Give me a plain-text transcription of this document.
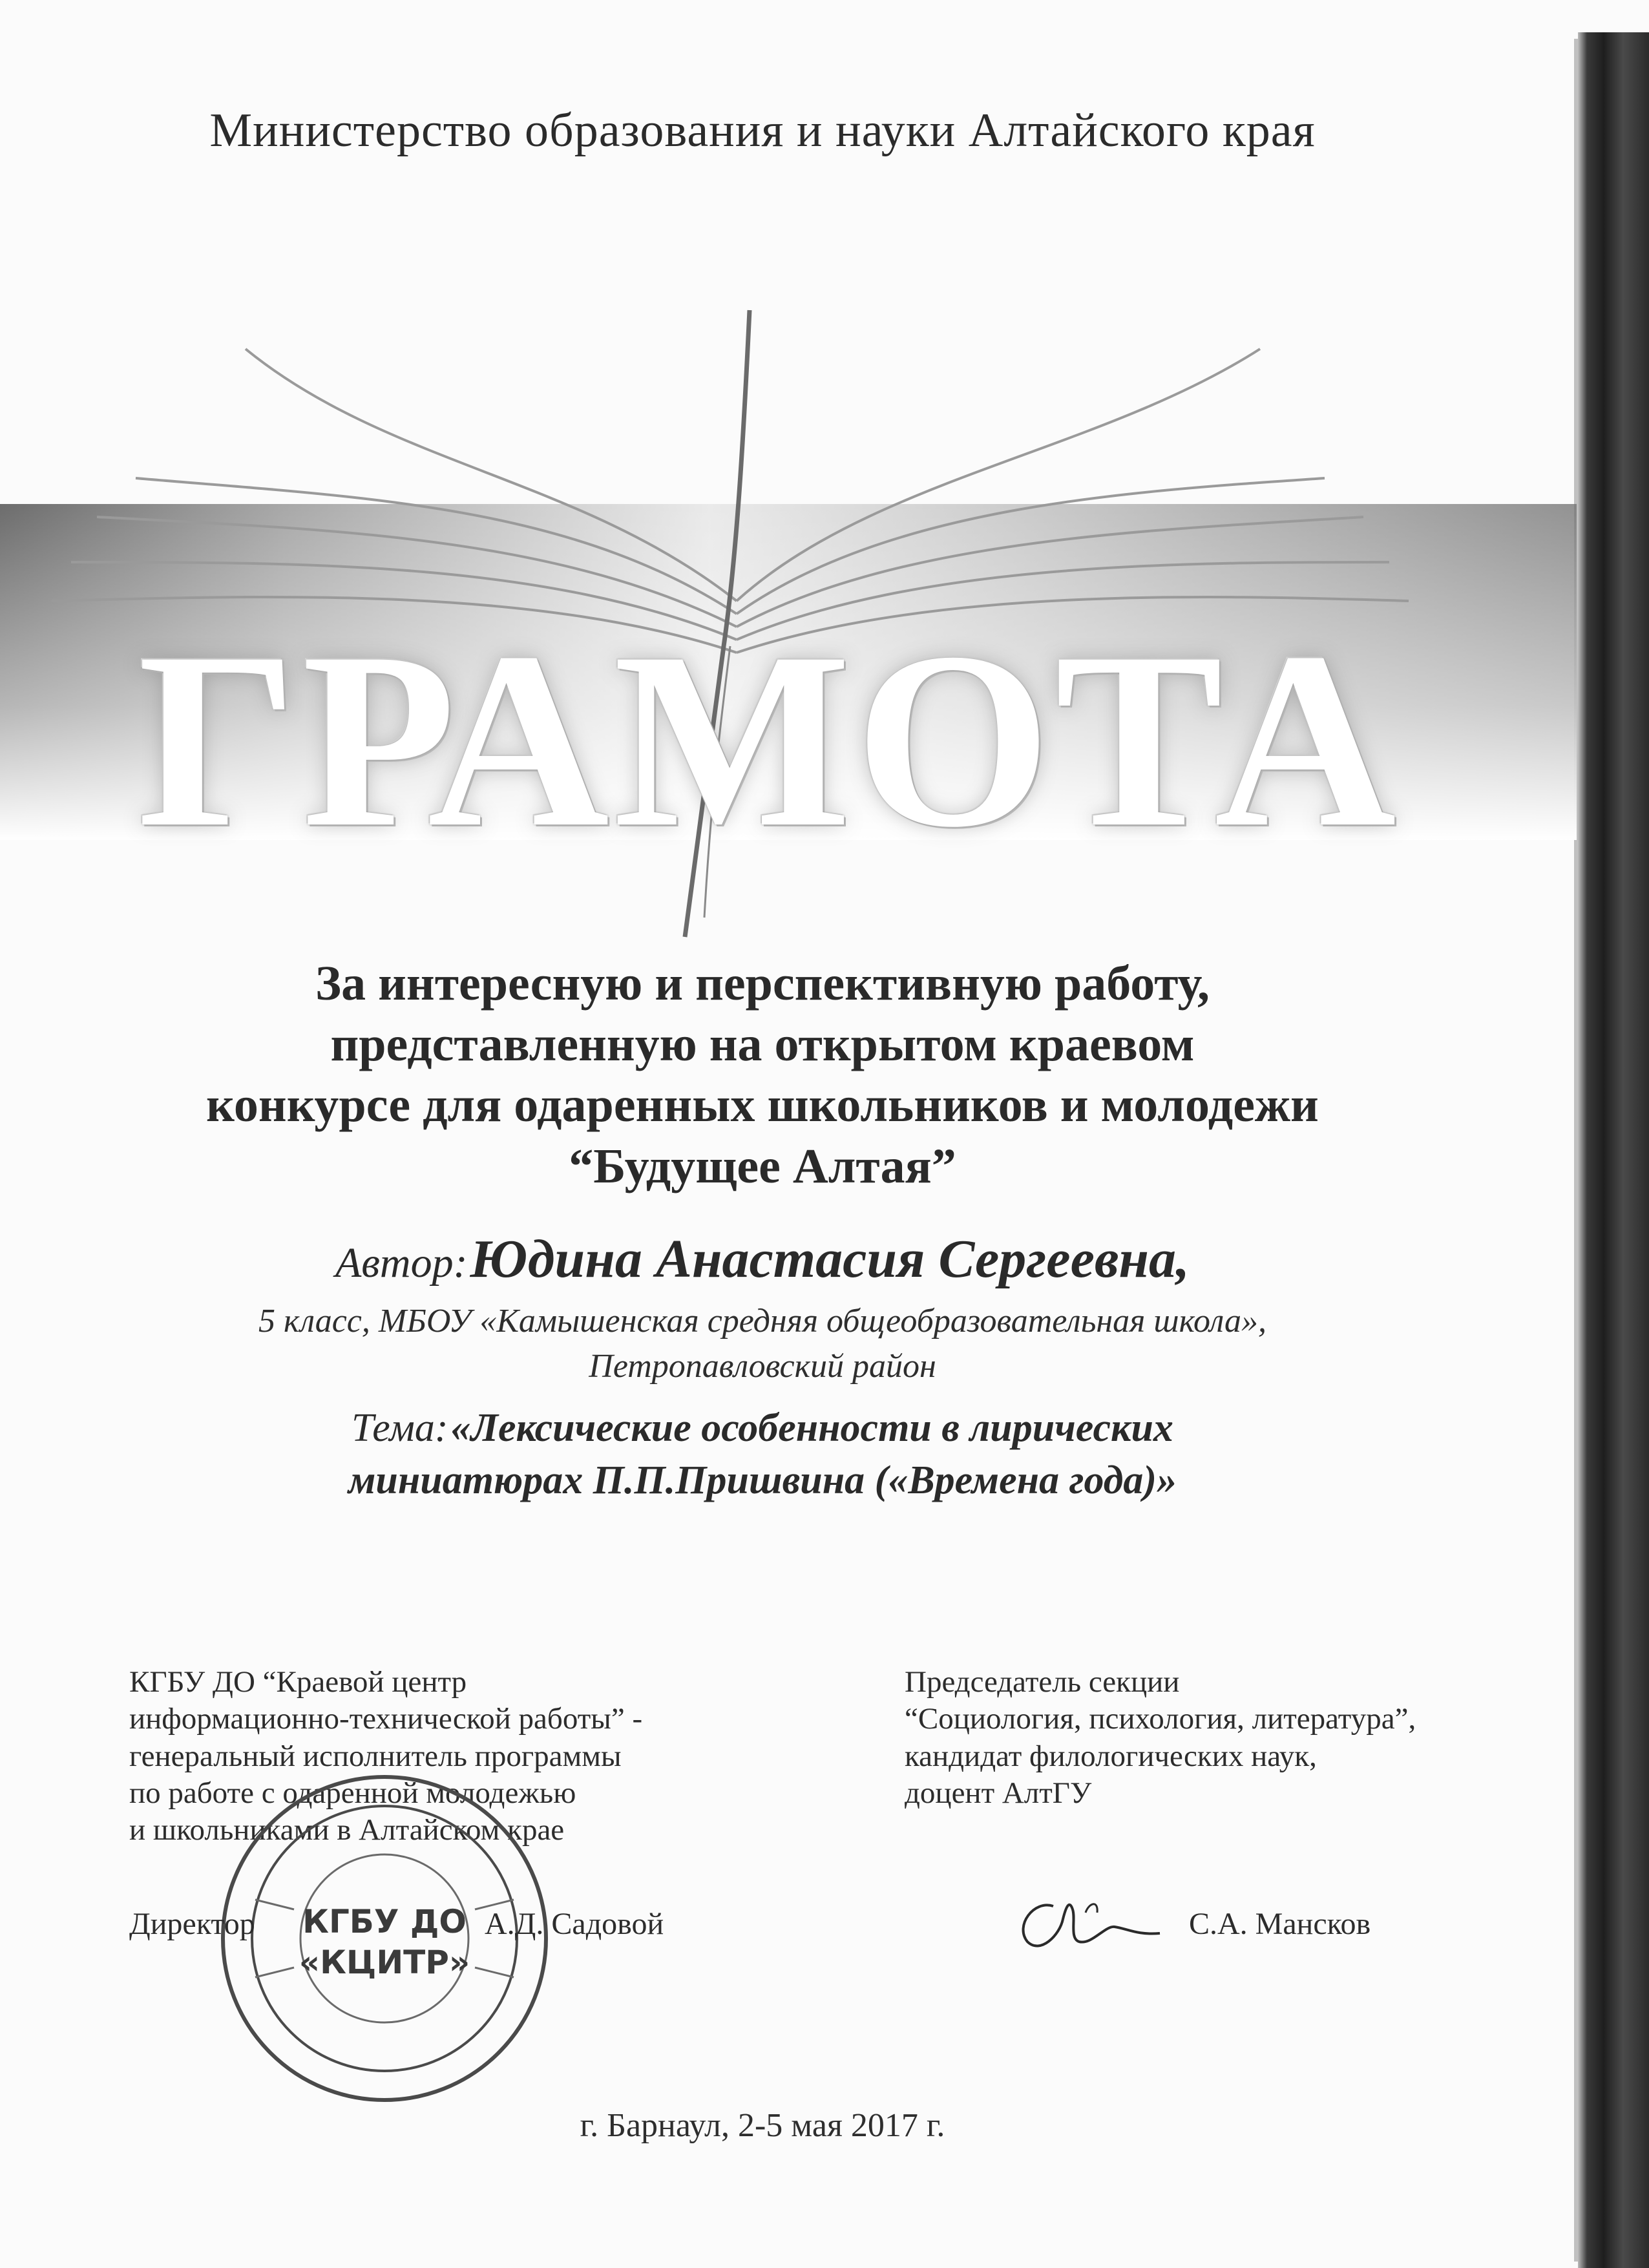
Министерство образования и науки Алтайского края
ГРАМОТА
За интересную и перспективную работу,
представленную на открытом краевом
конкурсе для одаренных школьников и молодежи
“Будущее Алтая”
Автор: Юдина Анастасия Сергеевна,
5 класс, МБОУ «Камышенская средняя общеобразовательная школа»,
Петропавловский район
Тема: «Лексические особенности в лирических
миниатюрах П.П.Пришвина («Времена года)»
КГБУ ДО “Краевой центр
информационно-технической работы” -
генеральный исполнитель программы
по работе с одаренной молодежью
и школьниками в Алтайском крае
Председатель секции
“Социология, психология, литература”,
кандидат филологических наук,
доцент АлтГУ
КГБУ ДО
«КЦИТР»
Директор	А.Д. Садовой	С.А. Мансков
г. Барнаул, 2-5 мая 2017 г.
